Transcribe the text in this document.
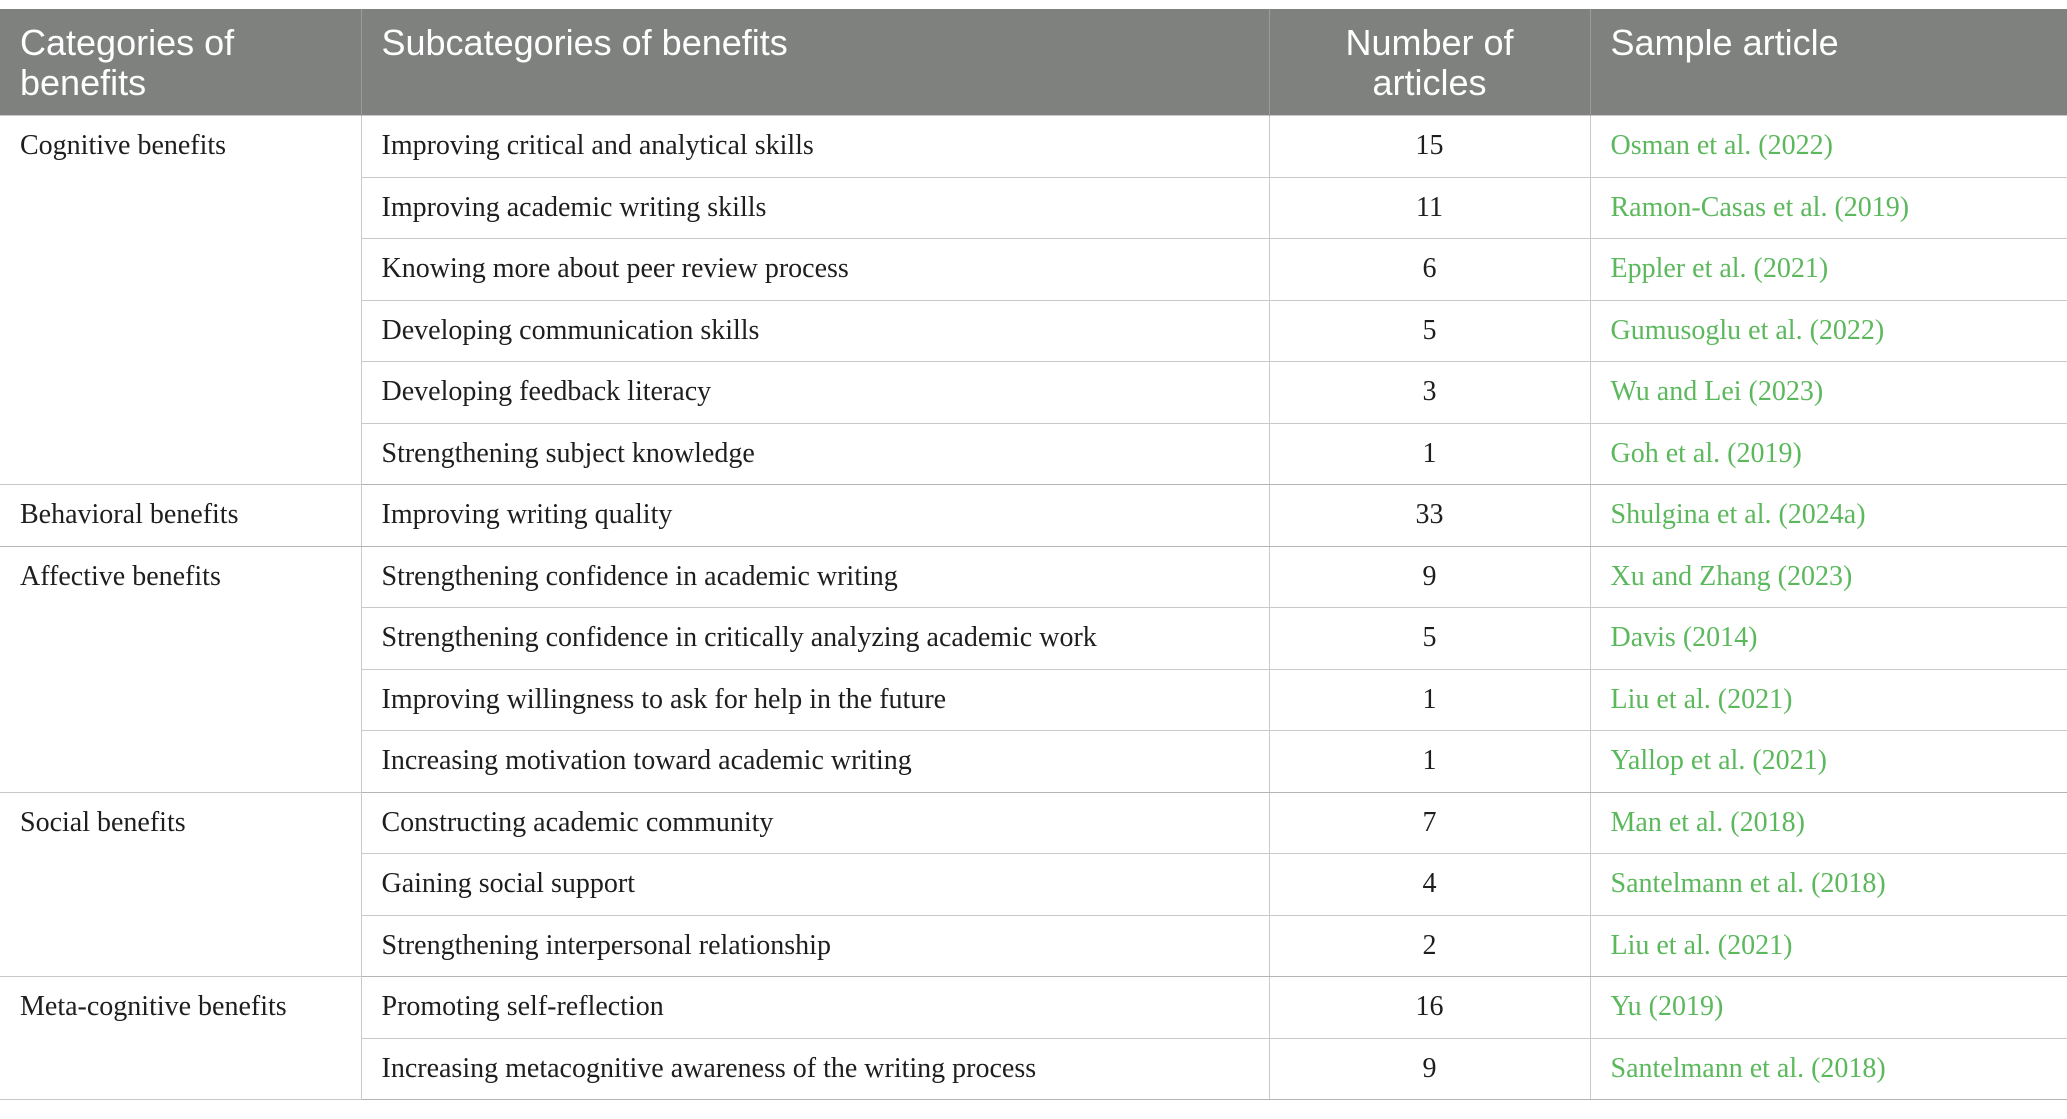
Categories of benefits	Subcategories of benefits	Number of articles	Sample article
Cognitive benefits	Improving critical and analytical skills	15	Osman et al. (2022)
	Improving academic writing skills	11	Ramon-Casas et al. (2019)
	Knowing more about peer review process	6	Eppler et al. (2021)
	Developing communication skills	5	Gumusoglu et al. (2022)
	Developing feedback literacy	3	Wu and Lei (2023)
	Strengthening subject knowledge	1	Goh et al. (2019)
Behavioral benefits	Improving writing quality	33	Shulgina et al. (2024a)
Affective benefits	Strengthening confidence in academic writing	9	Xu and Zhang (2023)
	Strengthening confidence in critically analyzing academic work	5	Davis (2014)
	Improving willingness to ask for help in the future	1	Liu et al. (2021)
	Increasing motivation toward academic writing	1	Yallop et al. (2021)
Social benefits	Constructing academic community	7	Man et al. (2018)
	Gaining social support	4	Santelmann et al. (2018)
	Strengthening interpersonal relationship	2	Liu et al. (2021)
Meta-cognitive benefits	Promoting self-reflection	16	Yu (2019)
	Increasing metacognitive awareness of the writing process	9	Santelmann et al. (2018)
